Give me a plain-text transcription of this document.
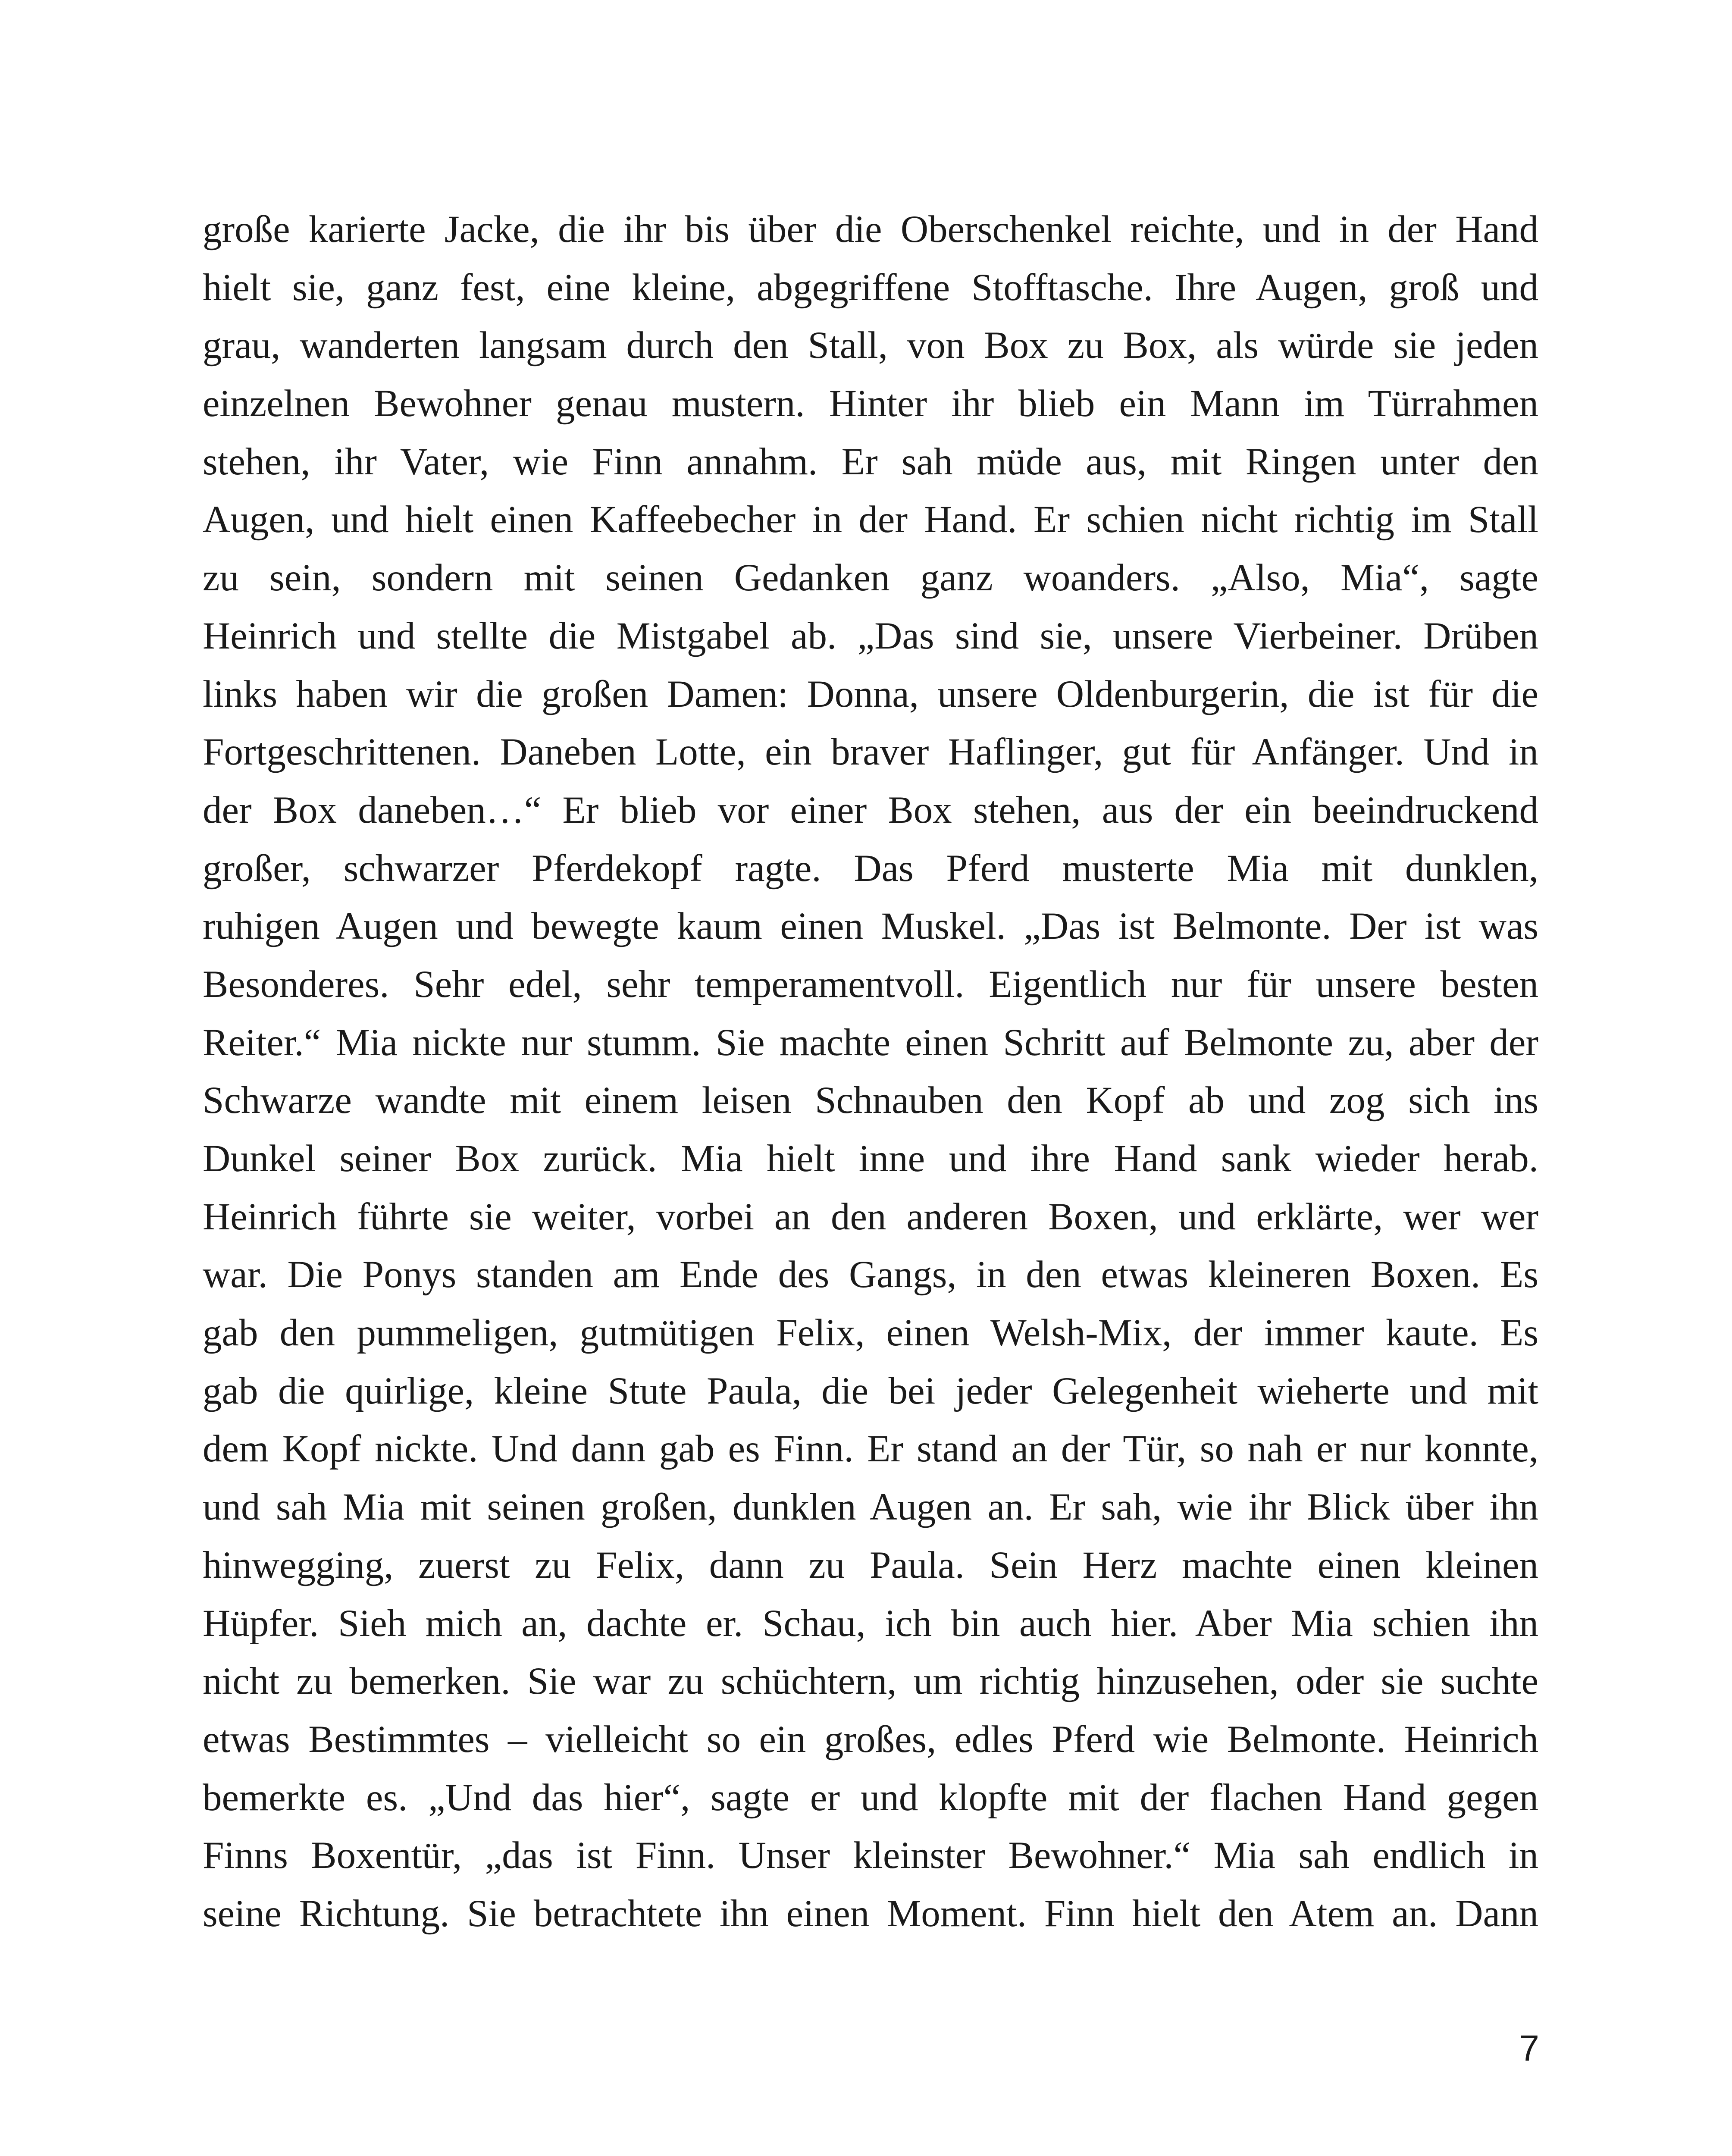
große karierte Jacke, die ihr bis über die Oberschenkel reichte, und in der Hand
hielt sie, ganz fest, eine kleine, abgegriffene Stofftasche. Ihre Augen, groß und
grau, wanderten langsam durch den Stall, von Box zu Box, als würde sie jeden
einzelnen Bewohner genau mustern. Hinter ihr blieb ein Mann im Türrahmen
stehen, ihr Vater, wie Finn annahm. Er sah müde aus, mit Ringen unter den
Augen, und hielt einen Kaffeebecher in der Hand. Er schien nicht richtig im Stall
zu sein, sondern mit seinen Gedanken ganz woanders. „Also, Mia“, sagte
Heinrich und stellte die Mistgabel ab. „Das sind sie, unsere Vierbeiner. Drüben
links haben wir die großen Damen: Donna, unsere Oldenburgerin, die ist für die
Fortgeschrittenen. Daneben Lotte, ein braver Haflinger, gut für Anfänger. Und in
der Box daneben…“ Er blieb vor einer Box stehen, aus der ein beeindruckend
großer, schwarzer Pferdekopf ragte. Das Pferd musterte Mia mit dunklen,
ruhigen Augen und bewegte kaum einen Muskel. „Das ist Belmonte. Der ist was
Besonderes. Sehr edel, sehr temperamentvoll. Eigentlich nur für unsere besten
Reiter.“ Mia nickte nur stumm. Sie machte einen Schritt auf Belmonte zu, aber der
Schwarze wandte mit einem leisen Schnauben den Kopf ab und zog sich ins
Dunkel seiner Box zurück. Mia hielt inne und ihre Hand sank wieder herab.
Heinrich führte sie weiter, vorbei an den anderen Boxen, und erklärte, wer wer
war. Die Ponys standen am Ende des Gangs, in den etwas kleineren Boxen. Es
gab den pummeligen, gutmütigen Felix, einen Welsh-Mix, der immer kaute. Es
gab die quirlige, kleine Stute Paula, die bei jeder Gelegenheit wieherte und mit
dem Kopf nickte. Und dann gab es Finn. Er stand an der Tür, so nah er nur konnte,
und sah Mia mit seinen großen, dunklen Augen an. Er sah, wie ihr Blick über ihn
hinwegging, zuerst zu Felix, dann zu Paula. Sein Herz machte einen kleinen
Hüpfer. Sieh mich an, dachte er. Schau, ich bin auch hier. Aber Mia schien ihn
nicht zu bemerken. Sie war zu schüchtern, um richtig hinzusehen, oder sie suchte
etwas Bestimmtes – vielleicht so ein großes, edles Pferd wie Belmonte. Heinrich
bemerkte es. „Und das hier“, sagte er und klopfte mit der flachen Hand gegen
Finns Boxentür, „das ist Finn. Unser kleinster Bewohner.“ Mia sah endlich in
seine Richtung. Sie betrachtete ihn einen Moment. Finn hielt den Atem an. Dann
7
